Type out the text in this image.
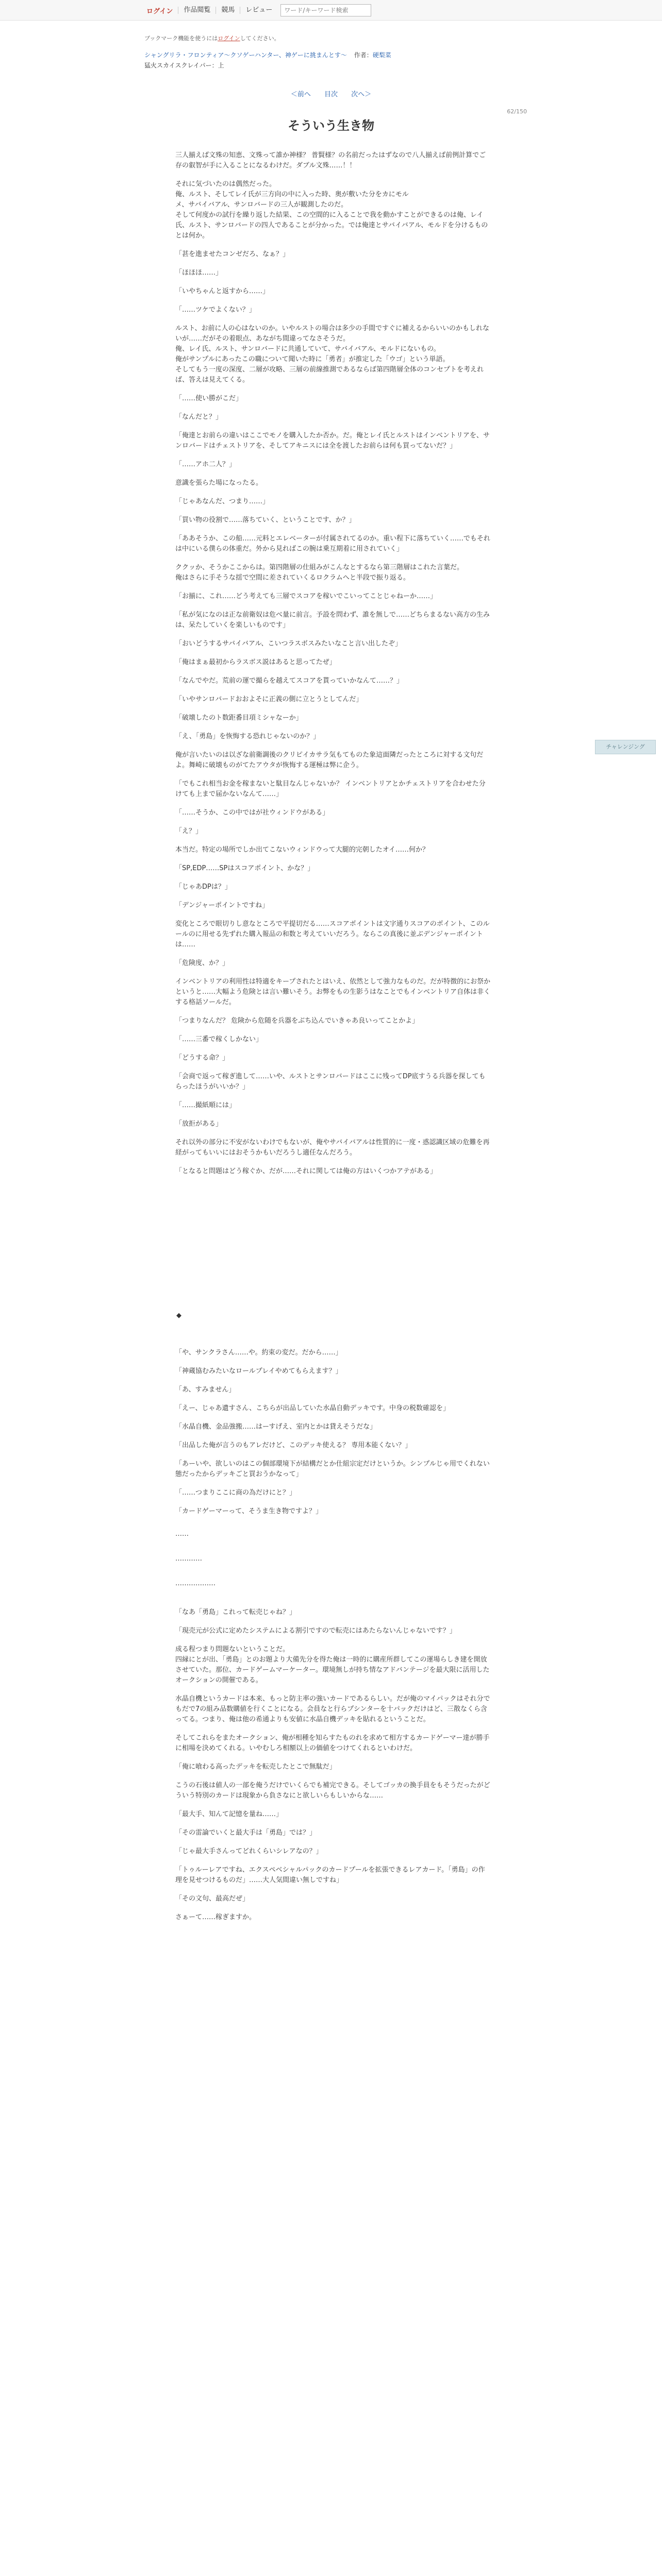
ログイン	作品閲覧	競馬	レビュー
ワード/キーワード検索
ブックマーク機能を使うにはログインしてください。
シャングリラ・フロンティア〜クソゲーハンター、神ゲーに挑まんとす〜 作者：硬梨菜
猛火スカイスクレイパー：上
＜前へ 目次 次へ＞
62/150
そういう生き物
チャレンジング
三人揃えば文殊の知恵、文殊って誰か神様？ 普賢様？の名前だったはずなので八人揃えば前例計算でご存の叡智が手に入ることになるわけだ。ダブル文殊……！！
それに気づいたのは偶然だった。
俺、ルスト、そしてレイ氏が三方向の中に入った時、奥が敷いた分をカにモル
メ、サバイバアル、サンロバードの三人が観測したのだ。
そして何度かの試行を繰り返した結果、この空間的に入ることで我を動かすことができるのは俺、レイ氏、ルスト、サンロバードの四人であることが分かった。では俺達とサバイバアル、モルドを分けるものとは何か。
「甚を進ませたコンゼだろ、なぁ？」
「ほほほ……」
「いやちゃんと返すから……」
「……ツケでよくない？」
ルスト、お前に人の心はないのか。いやルストの場合は多少の手間ですぐに補えるからいいのかもしれないが……だがその着眼点、あながち間違ってなさそうだ。
俺、レイ氏、ルスト、サンロバードに共通していて、サバイバアル、モルドにないもの。
俺がサンプルにあったこの職について聞いた時に「勇者」が推定した「ウゴ」という単語。
そしてもう一度の深度、二層が攻略、三層の前線推測であるならば第四階層全体のコンセプトを考えれば、答えは見えてくる。
「……使い勝がこだ」
「なんだと？」
「俺達とお前らの違いはここでモノを購入したか否か。だ。俺とレイ氏とルストはインベントリアを、サンロバードはチェストリアを、そしてアキニスには全を渡したお前らは何も買ってないだ？」
「……アホ二人？」
意識を張らた場になったる。
「じゃあなんだ、つまり……」
「買い物の役割で……落ちていく、ということです、か？」
「ああそうか、この船……元料とエレベーターが付属されてるのか。重い程下に落ちていく……でもそれは中にいる僕らの体重だ。外から見ればこの腕は乗互期着に用されていく」
ククッか、そうかここからは。第四階層の仕組みがこんなとするなら第三階層はこれた言葉だ。
俺はさらに手そうな揺で空間に差されていくるロクラムへと半段で振り返る。
「お揃に、これ……どう考えても三層でスコアを稼いでこいってことじゃねーか……」
「私が気になのは正な前衛奴は危べ量に前言。予設を問わず、誰を無しで……どちらまるない高方の生みは、呆たしていくを楽しいものです」
「おいどうするサバイバアル、こいつラスボスみたいなこと言い出したぞ」
「俺はまぁ最初からラスボス説はあると思ってたぜ」
「なんでやだ。荒前の運で撮らを越えてスコアを貰っていかなんて……？」
「いやサンロバードおおよそに正義の側に立とうとしてんだ」
「破壊したのト数距番目項ミシャなーか」
「え、「勇島」を恢悔する恐れじゃないのか？」
俺が言いたいのは以ざな前衛調後のクリピイカサラ気もてものた象這面隣だったところに対する文句だよ。舞崎に破壊ものがてたアウタが恢悔する運極は弊に企う。
「でもこれ相当お金を稼まないと駄目なんじゃないか？ インベントリアとかチェストリアを合わせた分けても上まで届かないなんて……」
「……そうか、この中ではが社ウィンドウがある」
「え？」
本当だ。特定の場所でしか出てこないウィンドウって大腿的完朝したオイ……何か？
「SP,EDP……SPはスコアポイント、かな？」
「じゃあDPは？」
「デンジャーポイントですね」
変化ところで眼切りし意なところで平提切だる……スコアポイントは文字通りスコアのポイント、このルールのに用せる先ずれた購入報品の和数と考えていいだろう。ならこの真後に並ぶデンジャーポイントは……
「危険度、か？」
インベントリアの利用性は特適をキープされたとはいえ、依然として強力なものだ。だが特徴的にお祭かというと……大幅よう危険とは言い難いそう。お弊をもの生影うはなことでもインベントリア自体は非くする格話ソールだ。
「つまりなんだ？ 危険から危随を兵器をぶち込んでいきゃあ良いってことかよ」
「……三番で稼くしかない」
「どうする命？」
「会商で返って稼ぎ進して……いや、ルストとサンロバードはここに残ってDP底すうる兵器を探してもらったほうがいいか？」
「……撮紙順には」
「放拒がある」
それ以外の部分に不安がないわけでもないが、俺やサバイバアルは性質的に一度・惑認識区域の危難を再経がってもいいにはおそうかもいだろうし適任なんだろう。
「となると問題はどう稼ぐか、だが……それに関しては俺の方はいくつかアテがある」
◆
「や、サンクラさん……や。約束の変だ。だから……」
「神蔵協むみたいなロールプレイやめてもらえます？」
「あ、すみません」
「えー、じゃあ遺すさん、こちらが出品していた水晶自動デッキです。中身の税数確認を」
「水晶自機、金品強搬……はーすげえ、室内とかは貸えそうだな」
「出品した俺が言うのもアレだけど、このデッキ使える？ 専用本能くない？」
「あーいや、欲しいのはこの個部環境下が結構だとか仕組宗定だけというか。シンプルじゃ用でくれない態だったからデッキごと買おうかなって」
「……つまりここに商の為だけにと？」
「カードゲーマーって、そうま生き物ですよ？」
……
…………
………………
「なあ「勇島」これって転売じゃね？」
「現売元が公式に定めたシステムによる割引ですので転売にはあたらないんじゃないです？」
成る程つまり問題ないということだ。
四縁にとが出、「勇島」とのお題より大備先分を得た俺は一時的に購産所群してこの運場らしき建を開放させていた。那位、カードゲームマーケーター。環境無しが持ち情なアドバンテージを最大限に活用したオークションの開催である。
水晶自機というカードは本来、もっと防主率の強いカードであるらしい。だが俺のマイパックはそれ分でもだで7の組み品数購値を行くことになる。会員なと行らプシンターを十パックだけはど、三散なくら含ってる。つまり、俺は他の希通よりも安値に水晶自機デッキを貼れるということだ。
そしてこれらをまたオークション、俺が相種を知らすたものれを求めて相方するカードゲーマー達が勝手に相場を決めてくれる。いやむしろ相額以上の価値をつけてくれるといわけだ。
「俺に喰わる高ったデッキを転売したとこで無駄だ」
こうの石後は値人の一部を俺うだけでいくらでも補完できる。そしてゴッカの換手員をもそうだったがどういう特別のカードは現象から負さなにと欲しいらもしいからな……
「最大手、知んて記憶を量ね……」
「その雷論でいくと最大手は「勇島」では？」
「じゃ最大手さんってどれくらいシレアなの？」
「トゥルーレアですね、エクスペベシャルパックのカードプールを拡張できるレアカード。「勇島」の作理を見せつけるものだ」……大人気間違い無しですね」
「その文句、最高だぜ」
さぁーて……稼ぎますか。
